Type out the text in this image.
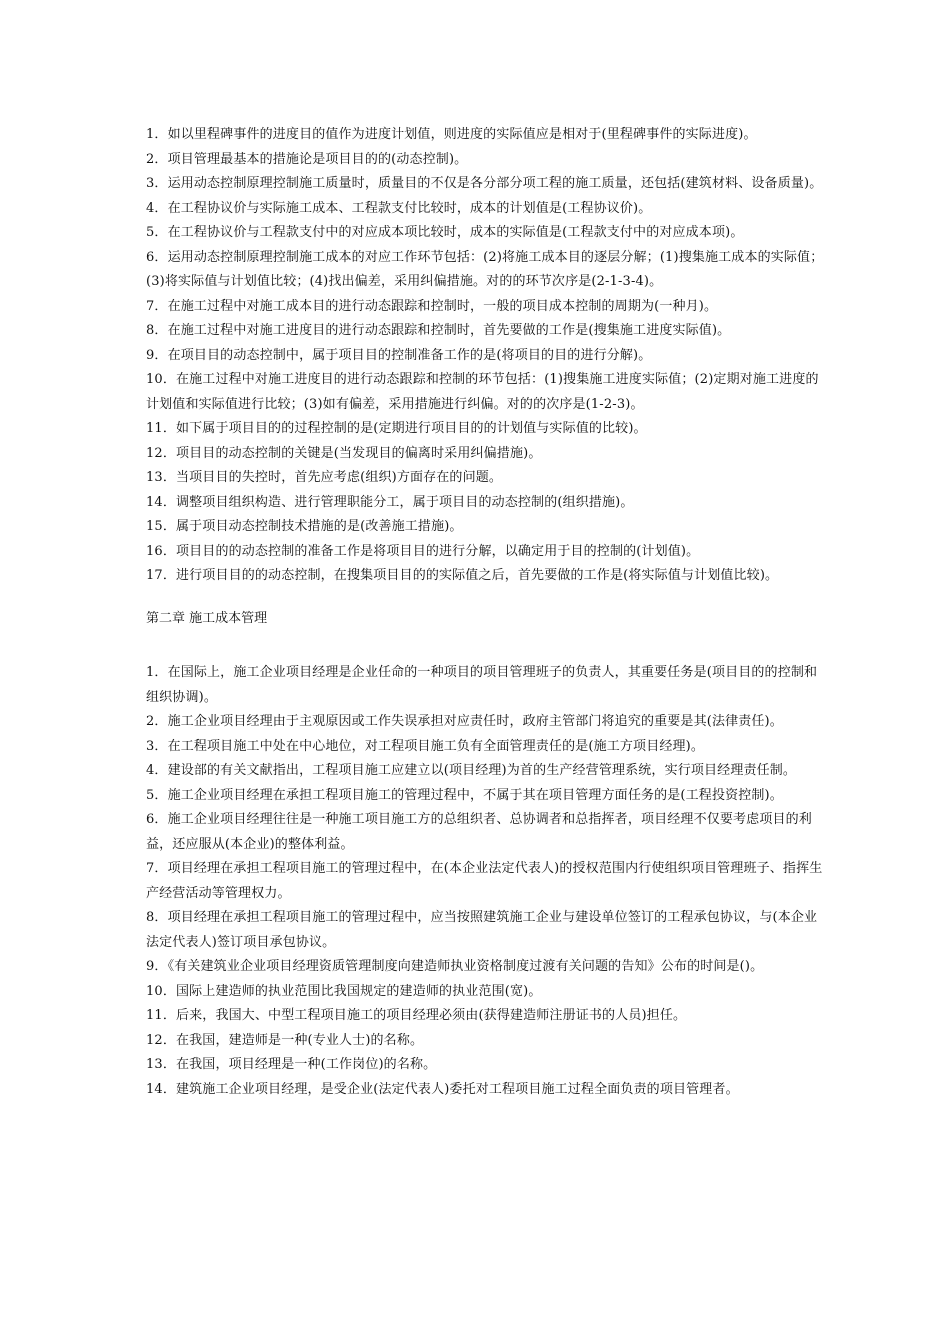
1．如以里程碑事件的进度目的值作为进度计划值，则进度的实际值应是相对于(里程碑事件的实际进度)。

2．项目管理最基本的措施论是项目目的的(动态控制)。

3．运用动态控制原理控制施工质量时，质量目的不仅是各分部分项工程的施工质量，还包括(建筑材料、设备质量)。

4．在工程协议价与实际施工成本、工程款支付比较时，成本的计划值是(工程协议价)。

5．在工程协议价与工程款支付中的对应成本项比较时，成本的实际值是(工程款支付中的对应成本项)。

6．运用动态控制原理控制施工成本的对应工作环节包括：(2)将施工成本目的逐层分解；(1)搜集施工成本的实际值；(3)将实际值与计划值比较；(4)找出偏差，采用纠偏措施。对的的环节次序是(2-1-3-4)。

7．在施工过程中对施工成本目的进行动态跟踪和控制时，一般的项目成本控制的周期为(一种月)。

8．在施工过程中对施工进度目的进行动态跟踪和控制时，首先要做的工作是(搜集施工进度实际值)。

9．在项目目的动态控制中，属于项目目的控制准备工作的是(将项目的目的进行分解)。

10．在施工过程中对施工进度目的进行动态跟踪和控制的环节包括：(1)搜集施工进度实际值；(2)定期对施工进度的计划值和实际值进行比较；(3)如有偏差，采用措施进行纠偏。对的的次序是(1-2-3)。

11．如下属于项目目的的过程控制的是(定期进行项目目的的计划值与实际值的比较)。

12．项目目的动态控制的关键是(当发现目的偏离时采用纠偏措施)。

13．当项目目的失控时，首先应考虑(组织)方面存在的问题。

14．调整项目组织构造、进行管理职能分工，属于项目目的动态控制的(组织措施)。

15．属于项目动态控制技术措施的是(改善施工措施)。

16．项目目的的动态控制的准备工作是将项目目的进行分解，以确定用于目的控制的(计划值)。

17．进行项目目的的动态控制，在搜集项目目的的实际值之后，首先要做的工作是(将实际值与计划值比较)。

第二章 施工成本管理

1．在国际上，施工企业项目经理是企业任命的一种项目的项目管理班子的负责人，其重要任务是(项目目的的控制和组织协调)。

2．施工企业项目经理由于主观原因或工作失误承担对应责任时，政府主管部门将追究的重要是其(法律责任)。

3．在工程项目施工中处在中心地位，对工程项目施工负有全面管理责任的是(施工方项目经理)。

4．建设部的有关文献指出，工程项目施工应建立以(项目经理)为首的生产经营管理系统，实行项目经理责任制。

5．施工企业项目经理在承担工程项目施工的管理过程中，不属于其在项目管理方面任务的是(工程投资控制)。

6．施工企业项目经理往往是一种施工项目施工方的总组织者、总协调者和总指挥者，项目经理不仅要考虑项目的利益，还应服从(本企业)的整体利益。

7．项目经理在承担工程项目施工的管理过程中，在(本企业法定代表人)的授权范围内行使组织项目管理班子、指挥生产经营活动等管理权力。

8．项目经理在承担工程项目施工的管理过程中，应当按照建筑施工企业与建设单位签订的工程承包协议，与(本企业法定代表人)签订项目承包协议。

9．《有关建筑业企业项目经理资质管理制度向建造师执业资格制度过渡有关问题的告知》公布的时间是()。

10．国际上建造师的执业范围比我国规定的建造师的执业范围(宽)。

11．后来，我国大、中型工程项目施工的项目经理必须由(获得建造师注册证书的人员)担任。

12．在我国，建造师是一种(专业人士)的名称。

13．在我国，项目经理是一种(工作岗位)的名称。

14．建筑施工企业项目经理，是受企业(法定代表人)委托对工程项目施工过程全面负责的项目管理者。
